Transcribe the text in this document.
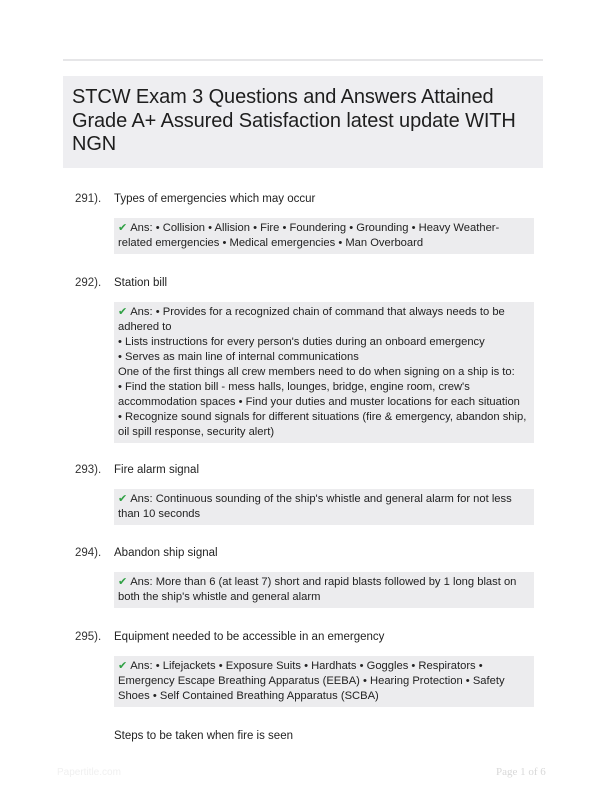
STCW Exam 3 Questions and Answers Attained Grade A+ Assured Satisfaction latest update WITH NGN
291). Types of emergencies which may occur

✔ Ans: • Collision • Allision • Fire • Foundering • Grounding • Heavy Weather-related emergencies • Medical emergencies • Man Overboard

292). Station bill

✔ Ans: • Provides for a recognized chain of command that always needs to be adhered to

• Lists instructions for every person's duties during an onboard emergency

• Serves as main line of internal communications

One of the first things all crew members need to do when signing on a ship is to:

• Find the station bill - mess halls, lounges, bridge, engine room, crew's accommodation spaces • Find your duties and muster locations for each situation

• Recognize sound signals for different situations (fire & emergency, abandon ship, oil spill response, security alert)

293). Fire alarm signal

✔ Ans: Continuous sounding of the ship's whistle and general alarm for not less than 10 seconds

294). Abandon ship signal

✔ Ans: More than 6 (at least 7) short and rapid blasts followed by 1 long blast on both the ship's whistle and general alarm

295). Equipment needed to be accessible in an emergency

✔ Ans: • Lifejackets • Exposure Suits • Hardhats • Goggles • Respirators • Emergency Escape Breathing Apparatus (EEBA) • Hearing Protection • Safety Shoes • Self Contained Breathing Apparatus (SCBA)

Steps to be taken when fire is seen
Papertitle.com	Page 1 of 6
